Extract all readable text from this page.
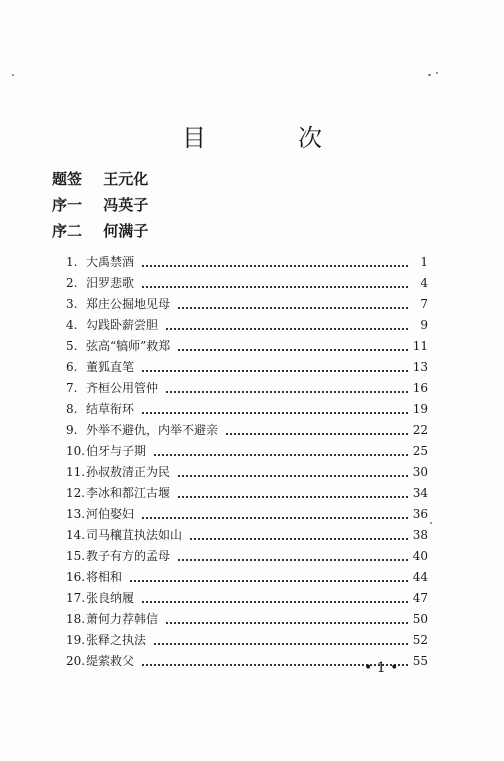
目　次
题签 王元化
序一 冯英子
序二 何满子
1. 大禹禁酒	1
2. 汨罗悲歌	4
3. 郑庄公掘地见母	7
4. 勾践卧薪尝胆	9
5. 弦高“犒师”救郑	11
6. 董狐直笔	13
7. 齐桓公用管仲	16
8. 结草衔环	19
9. 外举不避仇，内举不避亲	22
10. 伯牙与子期	25
11. 孙叔敖清正为民	30
12. 李冰和都江古堰	34
13. 河伯娶妇	36
14. 司马穰苴执法如山	38
15. 教子有方的孟母	40
16. 将相和	44
17. 张良纳履	47
18. 萧何力荐韩信	50
19. 张释之执法	52
20. 缇萦救父	55
• 1 •
